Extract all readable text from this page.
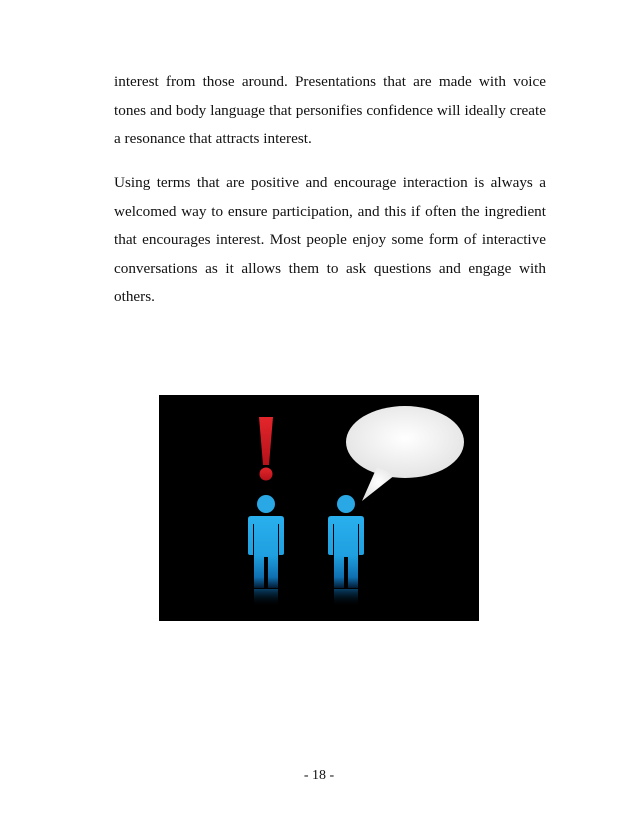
interest from those around. Presentations that are made with voice tones and body language that personifies confidence will ideally create a resonance that attracts interest.

Using terms that are positive and encourage interaction is always a welcomed way to ensure participation, and this if often the ingredient that encourages interest. Most people enjoy some form of interactive conversations as it allows them to ask questions and engage with others.

- 18 -
